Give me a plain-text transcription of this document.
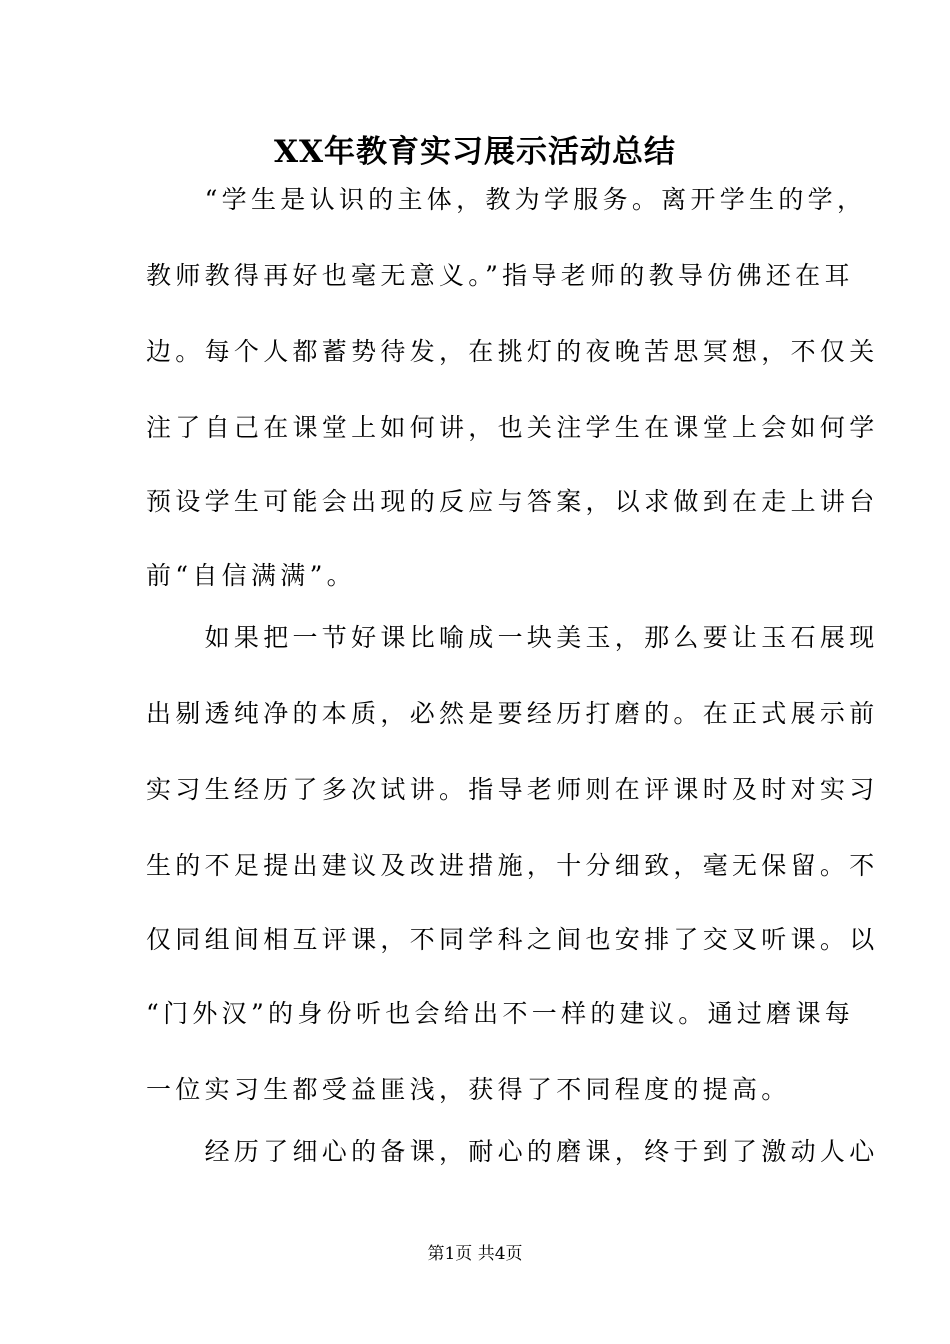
XX年教育实习展示活动总结
　　“学生是认识的主体，教为学服务。离开学生的学，
教师教得再好也毫无意义。”指导老师的教导仿佛还在耳
边。每个人都蓄势待发，在挑灯的夜晚苦思冥想，不仅关
注了自己在课堂上如何讲，也关注学生在课堂上会如何学
预设学生可能会出现的反应与答案，以求做到在走上讲台
前“自信满满”。
　　如果把一节好课比喻成一块美玉，那么要让玉石展现
出剔透纯净的本质，必然是要经历打磨的。在正式展示前
实习生经历了多次试讲。指导老师则在评课时及时对实习
生的不足提出建议及改进措施，十分细致，毫无保留。不
仅同组间相互评课，不同学科之间也安排了交叉听课。以
“门外汉”的身份听也会给出不一样的建议。通过磨课每
一位实习生都受益匪浅，获得了不同程度的提高。
　　经历了细心的备课，耐心的磨课，终于到了激动人心
第1页 共4页
